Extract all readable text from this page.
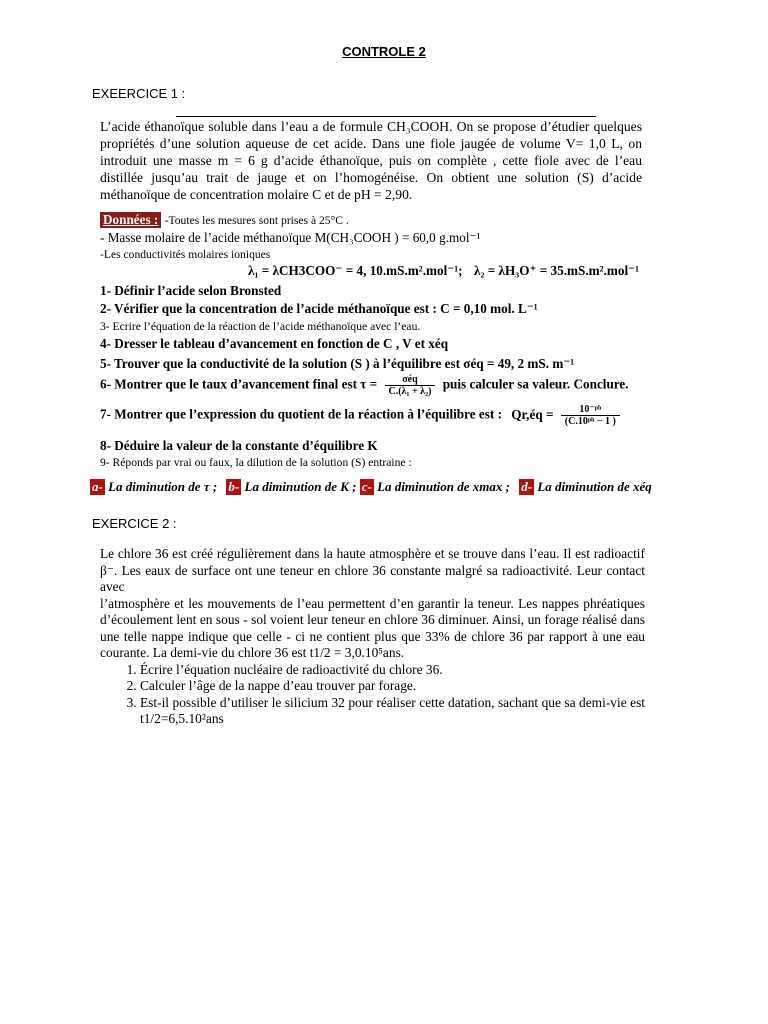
CONTROLE 2
EXEERCICE 1 :
L’acide éthanoïque soluble dans l’eau a de formule CH₃COOH. On se propose d’étudier quelques propriétés d’une solution aqueuse de cet acide. Dans une fiole jaugée de volume V= 1,0 L, on introduit une masse m = 6 g d’acide éthanoïque, puis on complète , cette fiole avec de l’eau distillée jusqu’au trait de jauge et on l’homogénéise. On obtient une solution (S) d’acide méthanoïque de concentration molaire C et de pH = 2,90.
Données : -Toutes les mesures sont prises à 25°C .
- Masse molaire de l’acide méthanoïque M(CH₃COOH ) = 60,0 g.mol⁻¹
-Les conductivités molaires ioniques
λ₁ = λCH3COO⁻ = 4, 10.mS.m².mol⁻¹; λ₂ = λH₃O⁺ = 35.mS.m².mol⁻¹
1- Définir l’acide selon Bronsted
2- Vérifier que la concentration de l’acide méthanoïque est : C = 0,10 mol. L⁻¹
3- Ecrire l’équation de la réaction de l’acide méthanoïque avec l’eau.
4- Dresser le tableau d’avancement en fonction de C , V et xéq
5- Trouver que la conductivité de la solution (S ) à l’équilibre est σéq = 49, 2 mS. m⁻¹
6- Montrer que le taux d’avancement final est $\tau = \frac{\text{σéq}}{\text{C.(λ₁ + λ₂)}}$ puis calculer sa valeur. Conclure.
7- Montrer que l’expression du quotient de la réaction à l’équilibre est : Qr,éq = $\frac{\text{10⁻ᵖʰ}}{\text{(C.10ᵖʰ − 1 )}}$
8- Déduire la valeur de la constante d’équilibre K
9- Réponds par vrai ou faux, la dilution de la solution (S) entraine :
a- La diminution de τ ; b- La diminution de K ; c- La diminution de xmax ; d- La diminution de xéq
EXERCICE 2 :

Le chlore 36 est créé régulièrement dans la haute atmosphère et se trouve dans l’eau. Il est radioactif β⁻. Les eaux de surface ont une teneur en chlore 36 constante malgré sa radioactivité. Leur contact avec

l’atmosphère et les mouvements de l’eau permettent d’en garantir la teneur. Les nappes phréatiques d’écoulement lent en sous - sol voient leur teneur en chlore 36 diminuer. Ainsi, un forage réalisé dans une telle nappe indique que celle - ci ne contient plus que 33% de chlore 36 par rapport à une eau courante. La demi-vie du chlore 36 est t1/2 = 3,0.10⁵ans.

1. Écrire l’équation nucléaire de radioactivité du chlore 36.
2. Calculer l’âge de la nappe d’eau trouver par forage.
3. Est-il possible d’utiliser le silicium 32 pour réaliser cette datation, sachant que sa demi-vie est t1/2=6,5.10²ans
